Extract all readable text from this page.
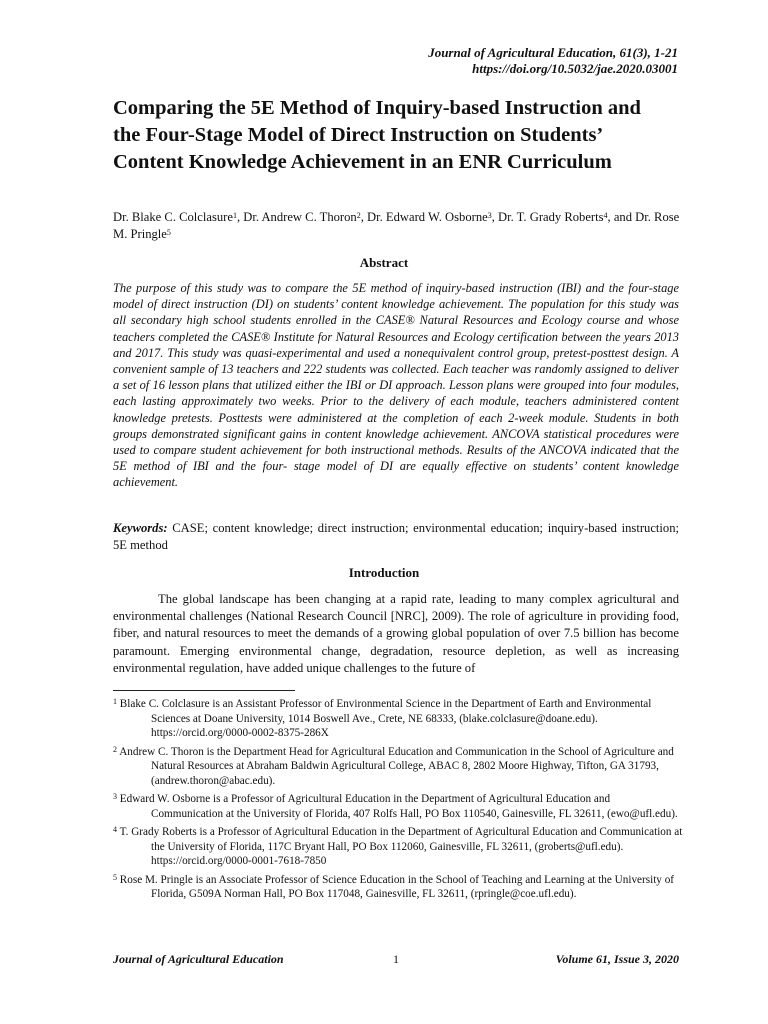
Journal of Agricultural Education, 61(3), 1-21
https://doi.org/10.5032/jae.2020.03001
Comparing the 5E Method of Inquiry-based Instruction and the Four-Stage Model of Direct Instruction on Students’ Content Knowledge Achievement in an ENR Curriculum
Dr. Blake C. Colclasure$^1$, Dr. Andrew C. Thoron$^2$, Dr. Edward W. Osborne$^3$, Dr. T. Grady Roberts$^4$, and Dr. Rose M. Pringle$^5$
Abstract

The purpose of this study was to compare the 5E method of inquiry-based instruction (IBI) and the four-stage model of direct instruction (DI) on students’ content knowledge achievement. The population for this study was all secondary high school students enrolled in the CASE® Natural Resources and Ecology course and whose teachers completed the CASE® Institute for Natural Resources and Ecology certification between the years 2013 and 2017. This study was quasi-experimental and used a nonequivalent control group, pretest-posttest design. A convenient sample of 13 teachers and 222 students was collected. Each teacher was randomly assigned to deliver a set of 16 lesson plans that utilized either the IBI or DI approach. Lesson plans were grouped into four modules, each lasting approximately two weeks. Prior to the delivery of each module, teachers administered content knowledge pretests. Posttests were administered at the completion of each 2-week module. Students in both groups demonstrated significant gains in content knowledge achievement. ANCOVA statistical procedures were used to compare student achievement for both instructional methods. Results of the ANCOVA indicated that the 5E method of IBI and the four- stage model of DI are equally effective on students’ content knowledge achievement.

Keywords: CASE; content knowledge; direct instruction; environmental education; inquiry-based instruction; 5E method

Introduction

The global landscape has been changing at a rapid rate, leading to many complex agricultural and environmental challenges (National Research Council [NRC], 2009). The role of agriculture in providing food, fiber, and natural resources to meet the demands of a growing global population of over 7.5 billion has become paramount. Emerging environmental change, degradation, resource depletion, as well as increasing environmental regulation, have added unique challenges to the future of

$^1$ Blake C. Colclasure is an Assistant Professor of Environmental Science in the Department of Earth and Environmental Sciences at Doane University, 1014 Boswell Ave., Crete, NE 68333, (blake.colclasure@doane.edu). https://orcid.org/0000-0002-8375-286X

$^2$ Andrew C. Thoron is the Department Head for Agricultural Education and Communication in the School of Agriculture and Natural Resources at Abraham Baldwin Agricultural College, ABAC 8, 2802 Moore Highway, Tifton, GA 31793, (andrew.thoron@abac.edu).

$^3$ Edward W. Osborne is a Professor of Agricultural Education in the Department of Agricultural Education and Communication at the University of Florida, 407 Rolfs Hall, PO Box 110540, Gainesville, FL 32611, (ewo@ufl.edu).

$^4$ T. Grady Roberts is a Professor of Agricultural Education in the Department of Agricultural Education and Communication at the University of Florida, 117C Bryant Hall, PO Box 112060, Gainesville, FL 32611, (groberts@ufl.edu). https://orcid.org/0000-0001-7618-7850

$^5$ Rose M. Pringle is an Associate Professor of Science Education in the School of Teaching and Learning at the University of Florida, G509A Norman Hall, PO Box 117048, Gainesville, FL 32611, (rpringle@coe.ufl.edu).

Journal of Agricultural Education	1	Volume 61, Issue 3, 2020
